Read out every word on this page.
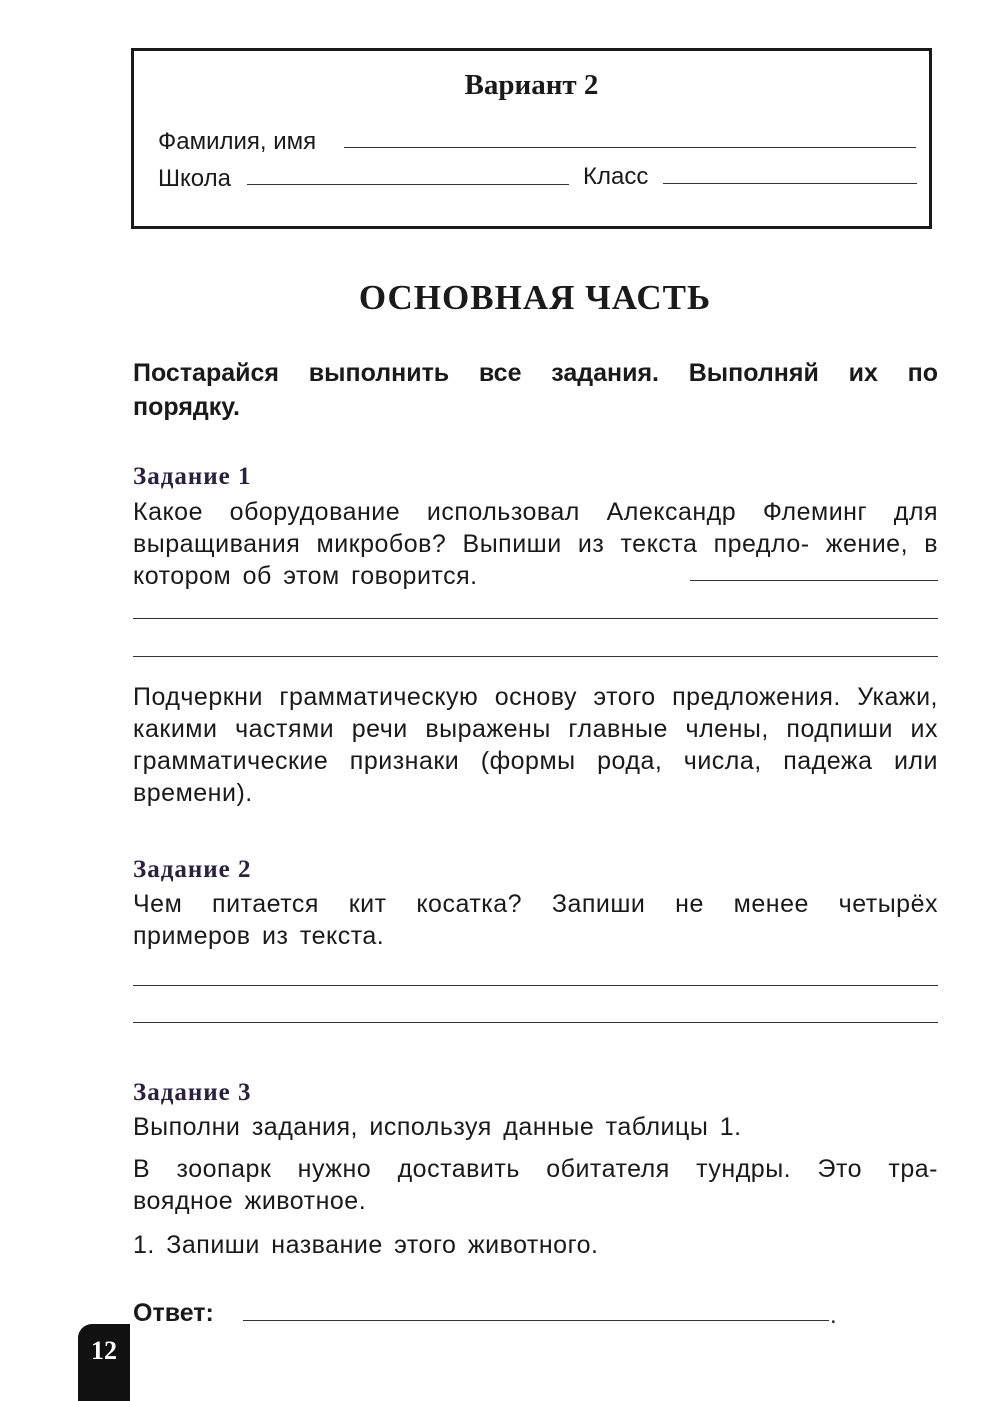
Вариант 2
Фамилия, имя
Школа	Класс
ОСНОВНАЯ ЧАСТЬ
Постарайся выполнить все задания. Выполняй их по порядку.
Задание 1
Какое оборудование использовал Александр Флеминг для выращивания микробов? Выпиши из текста предло- жение, в котором об этом говорится.
Подчеркни грамматическую основу этого предложения. Укажи, какими частями речи выражены главные члены, подпиши их грамматические признаки (формы рода, числа, падежа или времени).
Задание 2
Чем питается кит косатка? Запиши не менее четырёх примеров из текста.
Задание 3
Выполни задания, используя данные таблицы 1.
В зоопарк нужно доставить обитателя тундры. Это тра- воядное животное.
1. Запиши название этого животного.
Ответ:	.
12
